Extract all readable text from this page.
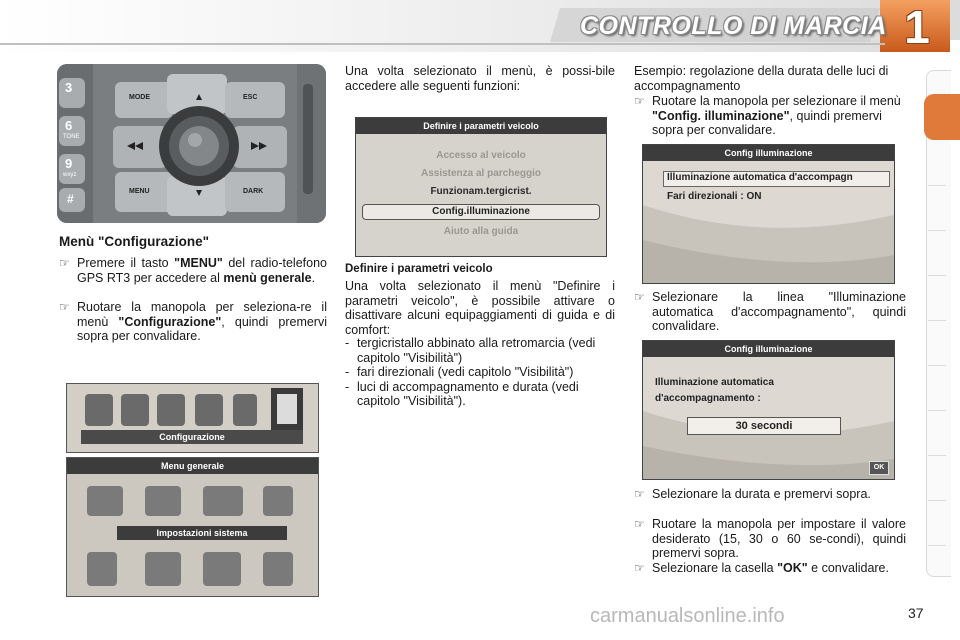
CONTROLLO DI MARCIA 1
3
6
TONE
9
wxyz
#
MODE	ESC
MENU	DARK
Menù "Configurazione"
☞ Premere il tasto "MENU" del radio-telefono GPS RT3 per accedere al menù generale.
☞ Ruotare la manopola per seleziona-re il menù "Configurazione", quindi premervi sopra per convalidare.
Configurazione
Menu generale
Impostazioni sistema
Una volta selezionato il menù, è possi-bile accedere alle seguenti funzioni:
Definire i parametri veicolo
Accesso al veicolo
Assistenza al parcheggio
Funzionam.tergicrist.
Config.illuminazione
Aiuto alla guida
Definire i parametri veicolo
Una volta selezionato il menù "Definire i parametri veicolo", è possibile attivare o disattivare alcuni equipaggiamenti di guida e di comfort:
- tergicristallo abbinato alla retromarcia (vedi capitolo "Visibilità")
- fari direzionali (vedi capitolo "Visibilità")
- luci di accompagnamento e durata (vedi capitolo "Visibilità").
Esempio: regolazione della durata delle luci di accompagnamento
☞ Ruotare la manopola per selezionare il menù "Config. illuminazione", quindi premervi sopra per convalidare.
Config illuminazione
Illuminazione automatica d'accompagn
Fari direzionali : ON
☞ Selezionare la linea "Illuminazione automatica d'accompagnamento", quindi convalidare.
Config illuminazione
Illuminazione automatica
d'accompagnamento :
30 secondi
OK
☞ Selezionare la durata e premervi sopra.
☞ Ruotare la manopola per impostare il valore desiderato (15, 30 o 60 se-condi), quindi premervi sopra.
☞ Selezionare la casella "OK" e convalidare.
carmanualsonline.info	37
